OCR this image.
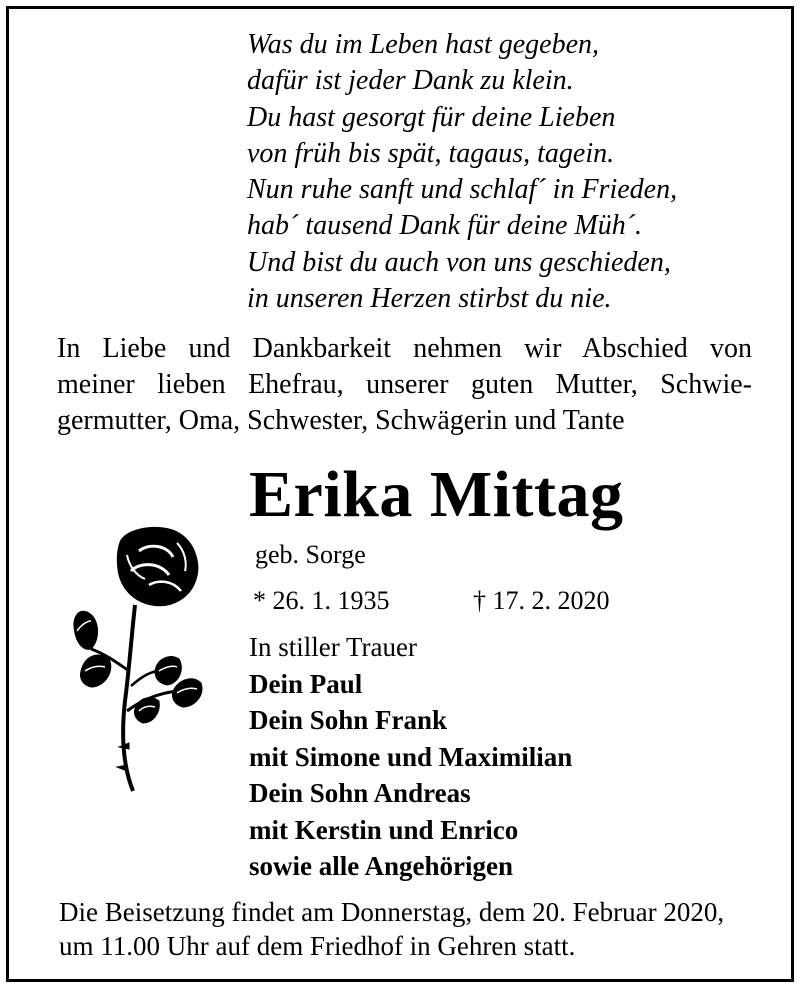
Was du im Leben hast gegeben,
dafür ist jeder Dank zu klein.
Du hast gesorgt für deine Lieben
von früh bis spät, tagaus, tagein.
Nun ruhe sanft und schlaf´ in Frieden,
hab´ tausend Dank für deine Müh´.
Und bist du auch von uns geschieden,
in unseren Herzen stirbst du nie.
In Liebe und Dankbarkeit nehmen wir Abschied von
meiner lieben Ehefrau, unserer guten Mutter, Schwie-
germutter, Oma, Schwester, Schwägerin und Tante
Erika Mittag
geb. Sorge
* 26. 1. 1935	† 17. 2. 2020
In stiller Trauer
Dein Paul
Dein Sohn Frank
mit Simone und Maximilian
Dein Sohn Andreas
mit Kerstin und Enrico
sowie alle Angehörigen
Die Beisetzung findet am Donnerstag, dem 20. Februar 2020,
um 11.00 Uhr auf dem Friedhof in Gehren statt.
